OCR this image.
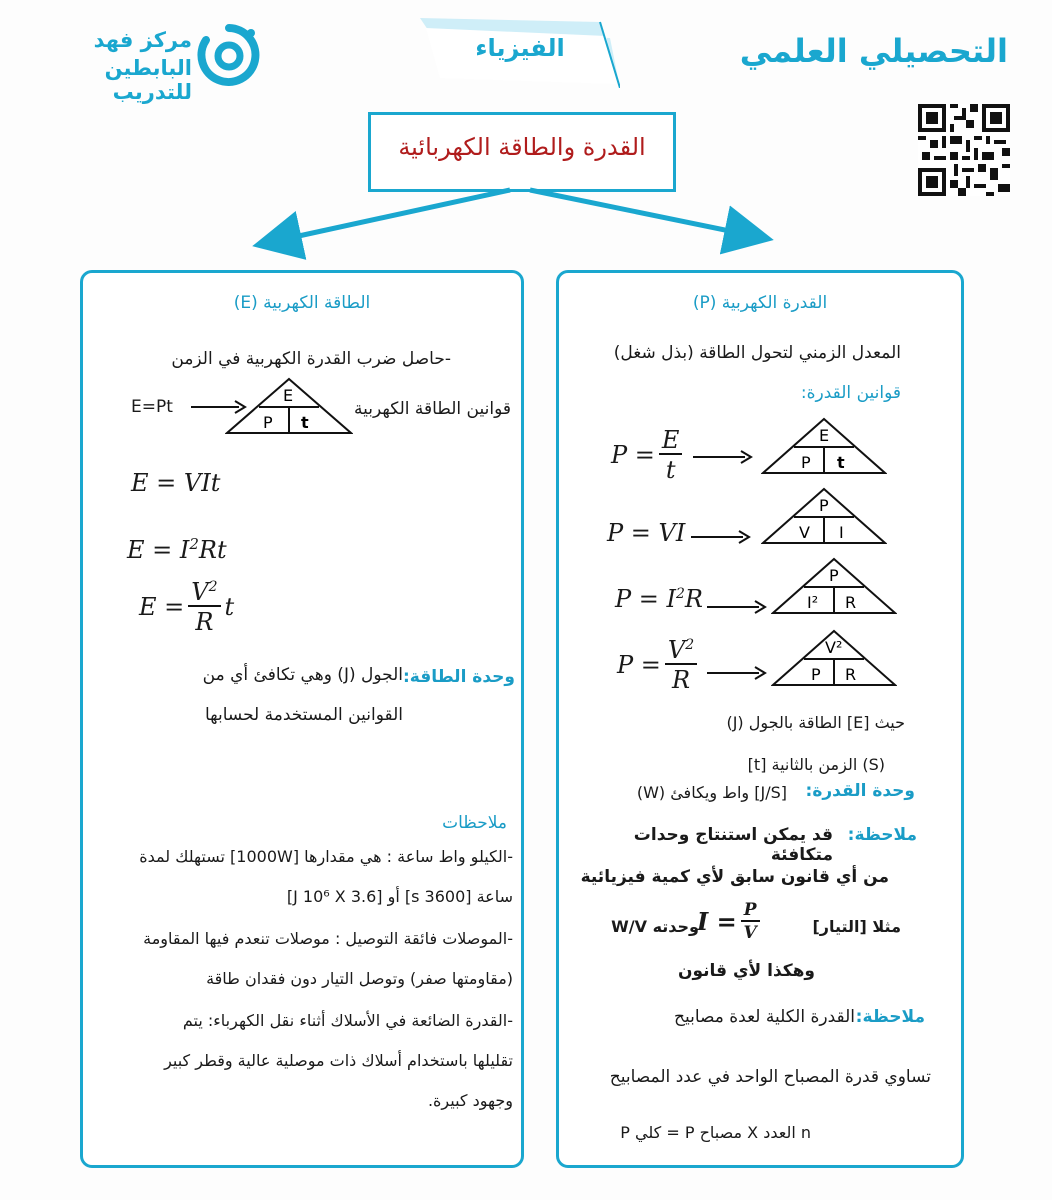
مركز فهد
البابطين للتدريب
الفيزياء	التحصيلي العلمي
القدرة والطاقة الكهربائية
الطاقة الكهربية (E)
-حاصل ضرب القدرة الكهربية في الزمن
E=Pt
E
P t
قوانين الطاقة الكهربية
E = VIt
$E = I^2Rt$
$E = \frac{V^2}{R}$ t
وحدة الطاقة:
الجول (J) وهي تكافئ أي من
القوانين المستخدمة لحسابها
ملاحظات
-الكيلو واط ساعة : هي مقدارها [1000W] تستهلك لمدة
ساعة [3600 s] أو [J 10⁶ X 3.6]
-الموصلات فائقة التوصيل : موصلات تنعدم فيها المقاومة
(مقاومتها صفر) وتوصل التيار دون فقدان طاقة
-القدرة الضائعة في الأسلاك أثناء نقل الكهرباء: يتم
تقليلها باستخدام أسلاك ذات موصلية عالية وقطر كبير
وجهود كبيرة.
القدرة الكهربية (P)
المعدل الزمني لتحول الطاقة (بذل شغل)
قوانين القدرة:
$P = \frac{E}{t}$	E
P t
P = VI
P
V I
$P = I^2R$
P
I² R
$P = \frac{V^2}{R}$	V²
P R
حيث [E] الطاقة بالجول (J)
[t] الزمن بالثانية (S)
وحدة القدرة:
(W) واط ويكافئ [J/S]
ملاحظة:
قد يمكن استنتاج وحدات متكافئة
من أي قانون سابق لأي كمية فيزيائية
مثلا [التيار]
$I = \frac{P}{V}$
وحدته W/V
وهكذا لأي قانون
ملاحظة:
القدرة الكلية لعدة مصابيح
تساوي قدرة المصباح الواحد في عدد المصابيح
P كلي = P مصباح X العدد n
